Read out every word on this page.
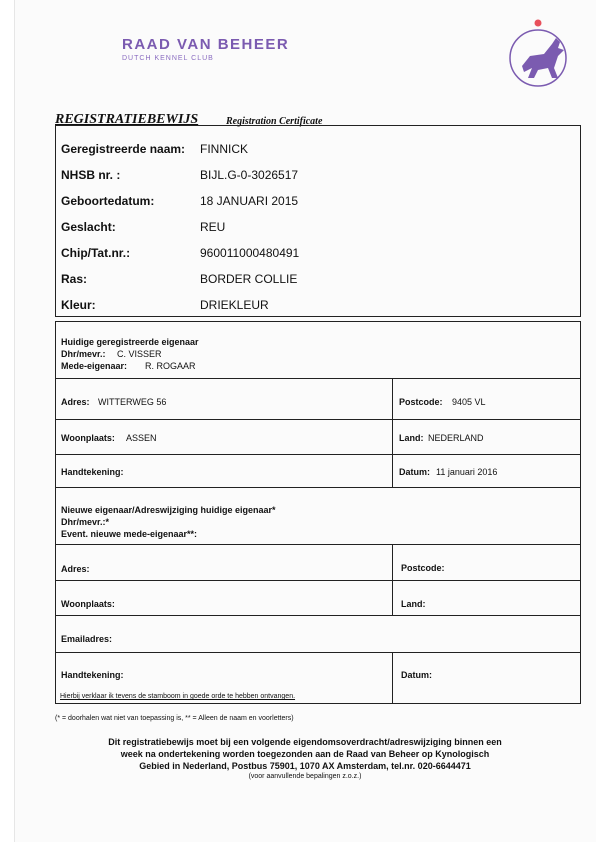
RAAD VAN BEHEER
DUTCH KENNEL CLUB
REGISTRATIEBEWIJS	Registration Certificate
Geregistreerde naam: FINNICK
NHSB nr. :	BIJL.G-0-3026517
Geboortedatum:	18 JANUARI 2015
Geslacht:	REU
Chip/Tat.nr.:	960011000480491
Ras:	BORDER COLLIE
Kleur:	DRIEKLEUR
Huidige geregistreerde eigenaar
Dhr/mevr.: C. VISSER
Mede-eigenaar: R. ROGAAR
Adres: WITTERWEG 56	Postcode: 9405 VL
Woonplaats: ASSEN	Land: NEDERLAND
Handtekening:	Datum: 11 januari 2016
Nieuwe eigenaar/Adreswijziging huidige eigenaar*
Dhr/mevr.:*
Event. nieuwe mede-eigenaar**:
Adres:	Postcode:
Woonplaats:	Land:
Emailadres:
Handtekening:	Datum:
Hierbij verklaar ik tevens de stamboom in goede orde te hebben ontvangen.
(* = doorhalen wat niet van toepassing is, ** = Alleen de naam en voorletters)
Dit registratiebewijs moet bij een volgende eigendomsoverdracht/adreswijziging binnen een
week na ondertekening worden toegezonden aan de Raad van Beheer op Kynologisch
Gebied in Nederland, Postbus 75901, 1070 AX Amsterdam, tel.nr. 020-6644471
(voor aanvullende bepalingen z.o.z.)
